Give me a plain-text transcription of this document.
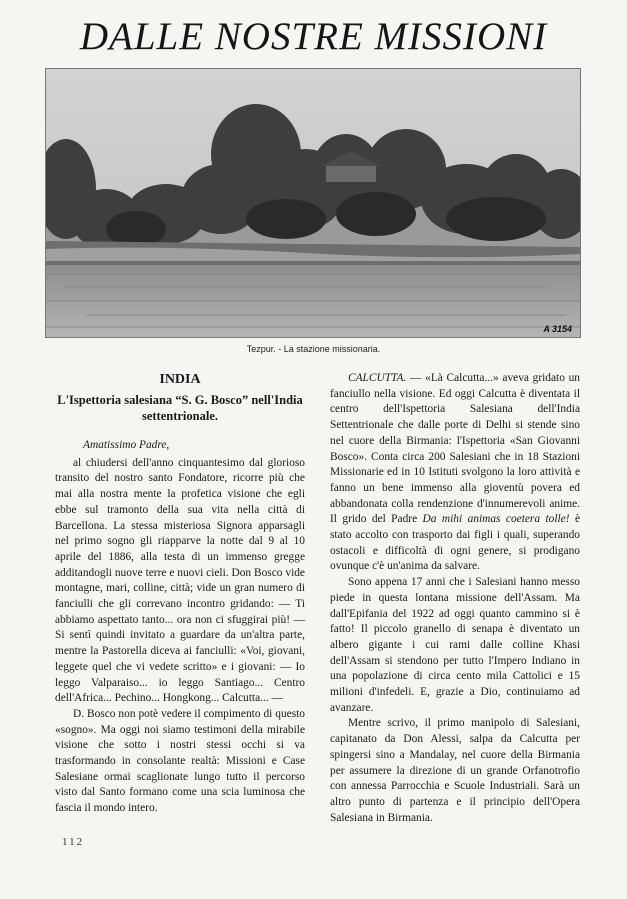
DALLE NOSTRE MISSIONI
A 3154
Tezpur. - La stazione missionaria.

INDIA

L'Ispettoria salesiana “S. G. Bosco” nell'India settentrionale.

Amatissimo Padre,

al chiudersi dell'anno cinquantesimo dal glorioso transito del nostro santo Fondatore, ricorre più che mai alla nostra mente la profetica visione che egli ebbe sul tramonto della sua vita nella città di Barcellona. La stessa misteriosa Signora apparsagli nel primo sogno gli riapparve la notte dal 9 al 10 aprile del 1886, alla testa di un immenso gregge additandogli nuove terre e nuovi cieli. Don Bosco vide montagne, mari, colline, città; vide un gran numero di fanciulli che gli correvano incontro gridando: — Ti abbiamo aspettato tanto... ora non ci sfuggirai più! — Si sentì quindi invitato a guardare da un'altra parte, mentre la Pastorella diceva ai fanciulli: «Voi, giovani, leggete quel che vi vedete scritto» e i giovani: — Io leggo Valparaiso... io leggo Santiago... Centro dell'Africa... Pechino... Hongkong... Calcutta... —

D. Bosco non potè vedere il compimento di questo «sogno». Ma oggi noi siamo testimoni della mirabile visione che sotto i nostri stessi occhi si va trasformando in consolante realtà: Missioni e Case Salesiane ormai scaglionate lungo tutto il percorso visto dal Santo formano come una scia luminosa che fascia il mondo intero.

CALCUTTA. — «Là Calcutta...» aveva gridato un fanciullo nella visione. Ed oggi Calcutta è diventata il centro dell'Ispettoria Salesiana dell'India Settentrionale che dalle porte di Delhi si stende sino nel cuore della Birmania: l'Ispettoria «San Giovanni Bosco». Conta circa 200 Salesiani che in 18 Stazioni Missionarie ed in 10 Istituti svolgono la loro attività e fanno un bene immenso alla gioventù povera ed abbandonata colla rendenzione d'innumerevoli anime. Il grido del Padre Da mihi animas coetera tolle! è stato accolto con trasporto dai figli i quali, superando ostacoli e difficoltà di ogni genere, si prodigano ovunque c'è un'anima da salvare.

Sono appena 17 anni che i Salesiani hanno messo piede in questa lontana missione dell'Assam. Ma dall'Epifania del 1922 ad oggi quanto cammino si è fatto! Il piccolo granello di senapa è diventato un albero gigante i cui rami dalle colline Khasi dell'Assam si stendono per tutto l'Impero Indiano in una popolazione di circa cento mila Cattolici e 15 milioni d'infedeli. E, grazie a Dio, continuiamo ad avanzare.

Mentre scrivo, il primo manipolo di Salesiani, capitanato da Don Alessi, salpa da Calcutta per spingersi sino a Mandalay, nel cuore della Birmania per assumere la direzione di un grande Orfanotrofio con annessa Parrocchia e Scuole Industriali. Sarà un altro punto di partenza e il principio dell'Opera Salesiana in Birmania.

112
